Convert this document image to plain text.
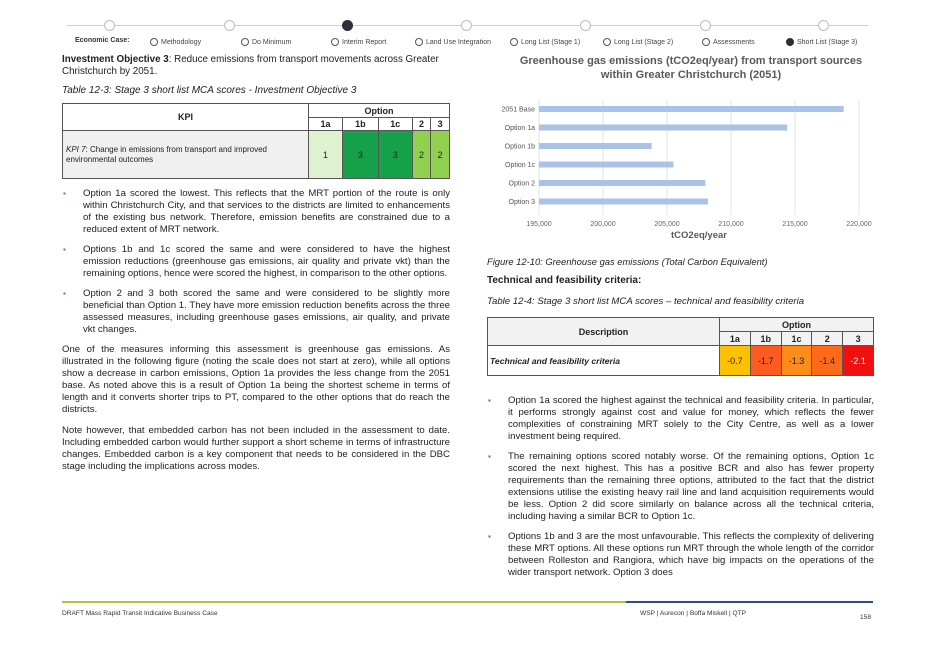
Economic Case:	Methodology	Do Minimum	Interim Report	Land Use Integration	Long List (Stage 1)	Long List (Stage 2)	Assessments	Short List (Stage 3)
Investment Objective 3: Reduce emissions from transport movements across Greater Christchurch by 2051.
Table 12-3: Stage 3 short list MCA scores - Investment Objective 3
KPI	Option				
	1a	1b	1c	2	3
KPI 7: Change in emissions from transport and improved environmental outcomes	1	3	3	2	2
▪ Option 1a scored the lowest. This reflects that the MRT portion of the route is only within Christchurch City, and that services to the districts are limited to enhancements of the existing bus network. Therefore, emission benefits are constrained due to a reduced extent of MRT network.
▪ Options 1b and 1c scored the same and were considered to have the highest emission reductions (greenhouse gas emissions, air quality and private vkt) than the remaining options, hence were scored the highest, in comparison to the other options.
▪ Option 2 and 3 both scored the same and were considered to be slightly more beneficial than Option 1. They have more emission reduction benefits across the three assessed measures, including greenhouse gases emissions, air quality, and private vkt changes.

One of the measures informing this assessment is greenhouse gas emissions. As illustrated in the following figure (noting the scale does not start at zero), while all options show a decrease in carbon emissions, Option 1a provides the less change from the 2051 base. As noted above this is a result of Option 1a being the shortest scheme in terms of length and it converts shorter trips to PT, compared to the other options that do reach the districts.

Note however, that embedded carbon has not been included in the assessment to date. Including embedded carbon would further support a short scheme in terms of infrastructure changes. Embedded carbon is a key component that needs to be considered in the DBC stage including the implications across modes.

Greenhouse gas emissions (tCO2eq/year) from transport sources within Greater Christchurch (2051)
195,000	200,000	205,000	210,000	215,000	220,000
2051 Base
Option 1a
Option 1b
Option 1c
Option 2
Option 3
tCO2eq/year
Figure 12-10: Greenhouse gas emissions (Total Carbon Equivalent)
Technical and feasibility criteria:
Table 12-4: Stage 3 short list MCA scores – technical and feasibility criteria
Description	Option				
	1a	1b	1c	2	3
Technical and feasibility criteria	-0.7	-1.7	-1.3	-1.4	-2.1
▪ Option 1a scored the highest against the technical and feasibility criteria. In particular, it performs strongly against cost and value for money, which reflects the fewer complexities of constraining MRT solely to the City Centre, as well as a lower investment being required.
▪ The remaining options scored notably worse. Of the remaining options, Option 1c scored the next highest. This has a positive BCR and also has fewer property requirements than the remaining three options, attributed to the fact that the district extensions utilise the existing heavy rail line and land acquisition requirements would be less. Option 2 did score similarly on balance across all the technical criteria, including having a similar BCR to Option 1c.
▪ Options 1b and 3 are the most unfavourable. This reflects the complexity of delivering these MRT options. All these options run MRT through the whole length of the corridor between Rolleston and Rangiora, which have big impacts on the operations of the wider transport network. Option 3 does
DRAFT Mass Rapid Transit Indicative Business Case	WSP | Aurecon | Boffa Miskell | QTP
158
